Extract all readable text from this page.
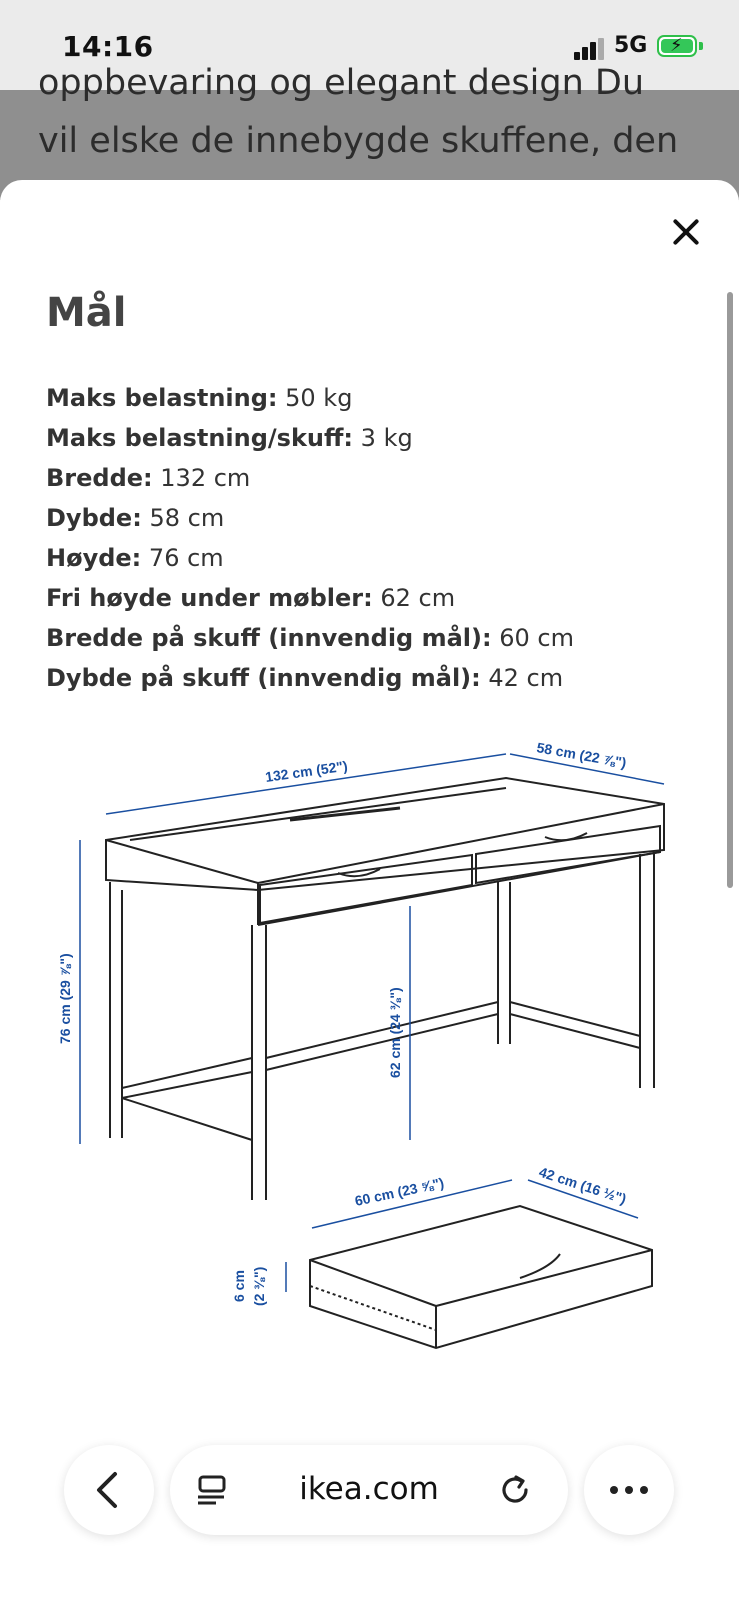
14:16	5G ⚡
oppbevaring og elegant design Du
vil elske de innebygde skuffene, den
Mål
Maks belastning: 50 kg
Maks belastning/skuff: 3 kg
Bredde: 132 cm
Dybde: 58 cm
Høyde: 76 cm
Fri høyde under møbler: 62 cm
Bredde på skuff (innvendig mål): 60 cm
Dybde på skuff (innvendig mål): 42 cm
132 cm (52")
58 cm (22 ⅞")
76 cm (29 ⅞")	62 cm (24 ⅜")
60 cm (23 ⅝")	42 cm (16 ½")
6 cm (2 ⅜")
ikea.com
